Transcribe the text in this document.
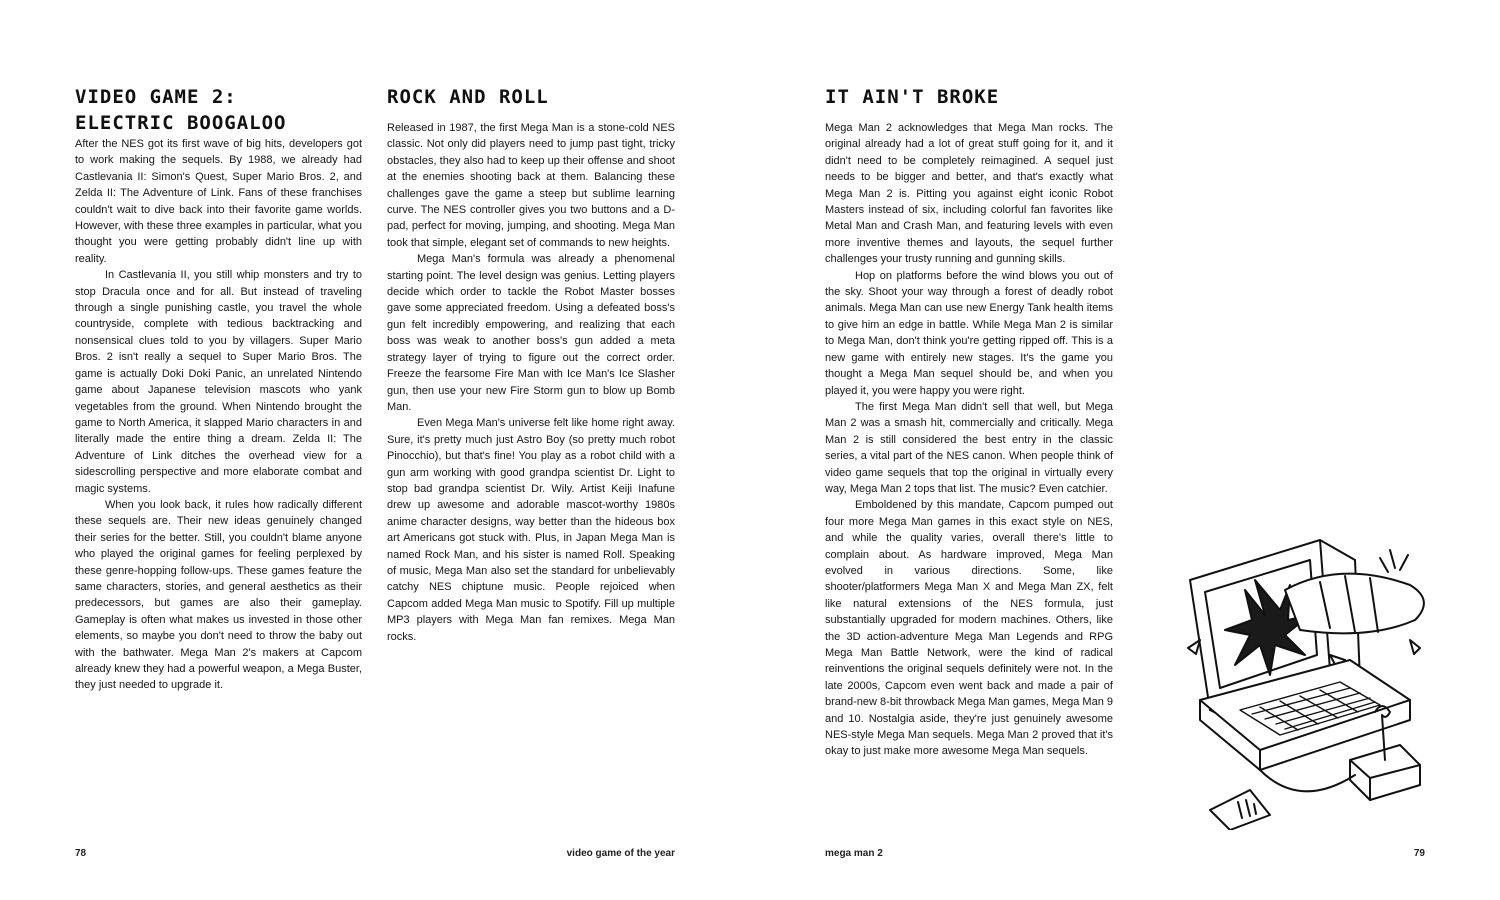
VIDEO GAME 2:
ELECTRIC BOOGALOO

After the NES got its first wave of big hits, developers got to work making the sequels. By 1988, we already had Castlevania II: Simon's Quest, Super Mario Bros. 2, and Zelda II: The Adventure of Link. Fans of these franchises couldn't wait to dive back into their favorite game worlds. However, with these three examples in particular, what you thought you were getting probably didn't line up with reality.

In Castlevania II, you still whip monsters and try to stop Dracula once and for all. But instead of traveling through a single punishing castle, you travel the whole countryside, complete with tedious backtracking and nonsensical clues told to you by villagers. Super Mario Bros. 2 isn't really a sequel to Super Mario Bros. The game is actually Doki Doki Panic, an unrelated Nintendo game about Japanese television mascots who yank vegetables from the ground. When Nintendo brought the game to North America, it slapped Mario characters in and literally made the entire thing a dream. Zelda II: The Adventure of Link ditches the overhead view for a sidescrolling perspective and more elaborate combat and magic systems.

When you look back, it rules how radically different these sequels are. Their new ideas genuinely changed their series for the better. Still, you couldn't blame anyone who played the original games for feeling perplexed by these genre-hopping follow-ups. These games feature the same characters, stories, and general aesthetics as their predecessors, but games are also their gameplay. Gameplay is often what makes us invested in those other elements, so maybe you don't need to throw the baby out with the bathwater. Mega Man 2's makers at Capcom already knew they had a powerful weapon, a Mega Buster, they just needed to upgrade it.

ROCK AND ROLL

Released in 1987, the first Mega Man is a stone-cold NES classic. Not only did players need to jump past tight, tricky obstacles, they also had to keep up their offense and shoot at the enemies shooting back at them. Balancing these challenges gave the game a steep but sublime learning curve. The NES controller gives you two buttons and a D-pad, perfect for moving, jumping, and shooting. Mega Man took that simple, elegant set of commands to new heights.

Mega Man's formula was already a phenomenal starting point. The level design was genius. Letting players decide which order to tackle the Robot Master bosses gave some appreciated freedom. Using a defeated boss's gun felt incredibly empowering, and realizing that each boss was weak to another boss's gun added a meta strategy layer of trying to figure out the correct order. Freeze the fearsome Fire Man with Ice Man's Ice Slasher gun, then use your new Fire Storm gun to blow up Bomb Man.

Even Mega Man's universe felt like home right away. Sure, it's pretty much just Astro Boy (so pretty much robot Pinocchio), but that's fine! You play as a robot child with a gun arm working with good grandpa scientist Dr. Light to stop bad grandpa scientist Dr. Wily. Artist Keiji Inafune drew up awesome and adorable mascot-worthy 1980s anime character designs, way better than the hideous box art Americans got stuck with. Plus, in Japan Mega Man is named Rock Man, and his sister is named Roll. Speaking of music, Mega Man also set the standard for unbelievably catchy NES chiptune music. People rejoiced when Capcom added Mega Man music to Spotify. Fill up multiple MP3 players with Mega Man fan remixes. Mega Man rocks.

78	video game of the year
IT AIN'T BROKE

Mega Man 2 acknowledges that Mega Man rocks. The original already had a lot of great stuff going for it, and it didn't need to be completely reimagined. A sequel just needs to be bigger and better, and that's exactly what Mega Man 2 is. Pitting you against eight iconic Robot Masters instead of six, including colorful fan favorites like Metal Man and Crash Man, and featuring levels with even more inventive themes and layouts, the sequel further challenges your trusty running and gunning skills.

Hop on platforms before the wind blows you out of the sky. Shoot your way through a forest of deadly robot animals. Mega Man can use new Energy Tank health items to give him an edge in battle. While Mega Man 2 is similar to Mega Man, don't think you're getting ripped off. This is a new game with entirely new stages. It's the game you thought a Mega Man sequel should be, and when you played it, you were happy you were right.

The first Mega Man didn't sell that well, but Mega Man 2 was a smash hit, commercially and critically. Mega Man 2 is still considered the best entry in the classic series, a vital part of the NES canon. When people think of video game sequels that top the original in virtually every way, Mega Man 2 tops that list. The music? Even catchier.

Emboldened by this mandate, Capcom pumped out four more Mega Man games in this exact style on NES, and while the quality varies, overall there's little to complain about. As hardware improved, Mega Man evolved in various directions. Some, like shooter/platformers Mega Man X and Mega Man ZX, felt like natural extensions of the NES formula, just substantially upgraded for modern machines. Others, like the 3D action-adventure Mega Man Legends and RPG Mega Man Battle Network, were the kind of radical reinventions the original sequels definitely were not. In the late 2000s, Capcom even went back and made a pair of brand-new 8-bit throwback Mega Man games, Mega Man 9 and 10. Nostalgia aside, they're just genuinely awesome NES-style Mega Man sequels. Mega Man 2 proved that it's okay to just make more awesome Mega Man sequels.

mega man 2	79
